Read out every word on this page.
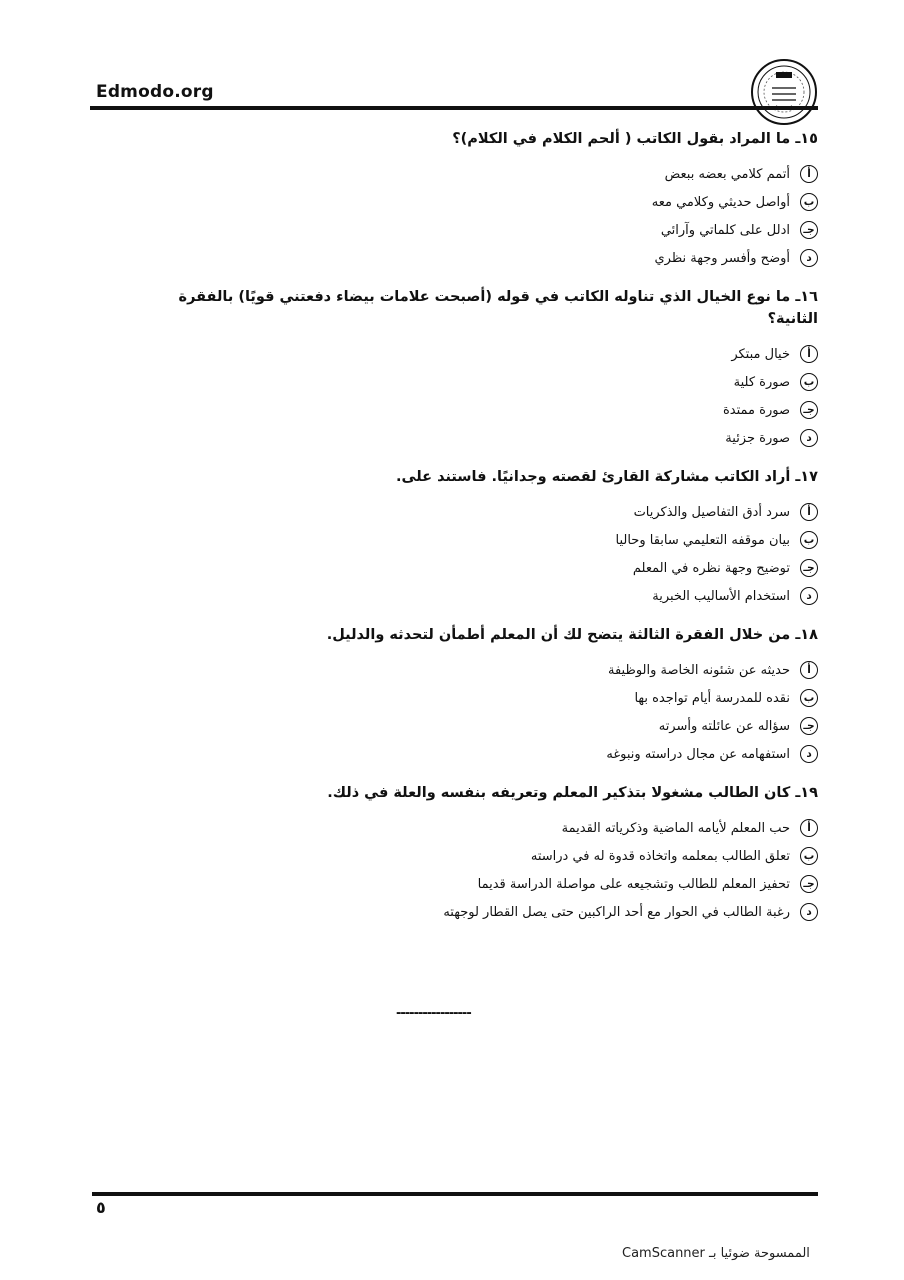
Edmodo.org

١٥ـ ما المراد بقول الكاتب ( ألحم الكلام في الكلام)؟

أ
أتمم كلامي بعضه ببعض
ب
أواصل حديثي وكلامي معه
جـ
ادلل على كلماتي وآرائي
د
أوضح وأفسر وجهة نظري

١٦ـ ما نوع الخيال الذي تناوله الكاتب في قوله (أصبحت علامات بيضاء دفعتني قويًا) بالفقرة الثانية؟

أ
خيال مبتكر
ب
صورة كلية
جـ
صورة ممتدة
د
صورة جزئية

١٧ـ أراد الكاتب مشاركة القارئ لقصته وجدانيًا. فاستند على.

أ
سرد أدق التفاصيل والذكريات
ب
بيان موقفه التعليمي سابقا وحاليا
جـ
توضيح وجهة نظره في المعلم
د
استخدام الأساليب الخبرية

١٨ـ من خلال الفقرة الثالثة يتضح لك أن المعلم أطمأن لتحدثه والدليل.

أ
حديثه عن شئونه الخاصة والوظيفة
ب
نقده للمدرسة أيام تواجده بها
جـ
سؤاله عن عائلته وأسرته
د
استفهامه عن مجال دراسته ونبوغه

١٩ـ كان الطالب مشغولا بتذكير المعلم وتعريفه بنفسه والعلة في ذلك.

أ
حب المعلم لأيامه الماضية وذكرياته القديمة
ب
تعلق الطالب بمعلمه واتخاذه قدوة له في دراسته
جـ
تحفيز المعلم للطالب وتشجيعه على مواصلة الدراسة قديما
د
رغبة الطالب في الحوار مع أحد الراكبين حتى يصل القطار لوجهته
-----------------
٥
الممسوحة ضوئيا بـ CamScanner
